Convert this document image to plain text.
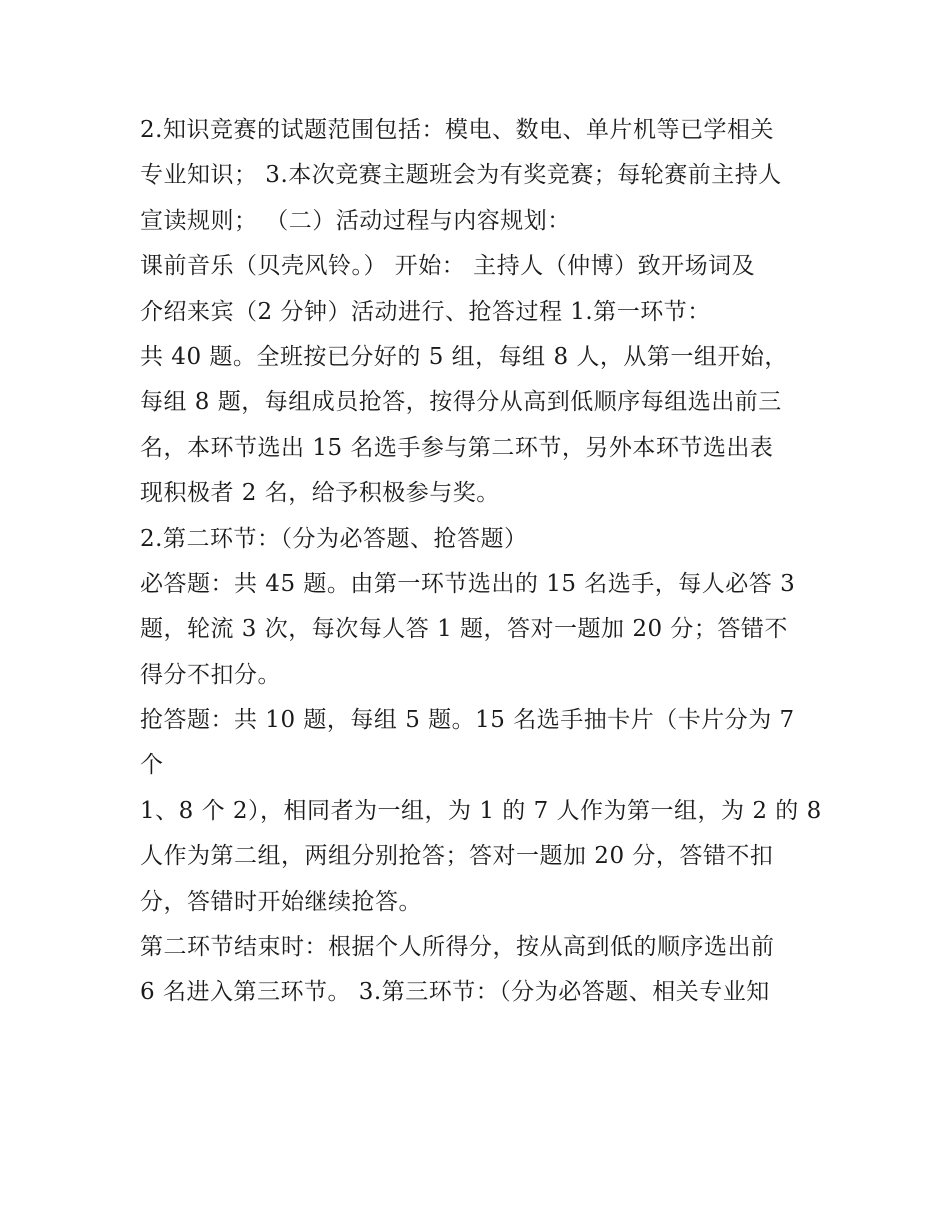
2.知识竞赛的试题范围包括：模电、数电、单片机等已学相关
专业知识； 3.本次竞赛主题班会为有奖竞赛；每轮赛前主持人
宣读规则； （二）活动过程与内容规划：
课前音乐（贝壳风铃。） 开始： 主持人（仲博）致开场词及
介绍来宾（2 分钟）活动进行、抢答过程 1.第一环节：
共 40 题。全班按已分好的 5 组，每组 8 人，从第一组开始，
每组 8 题，每组成员抢答，按得分从高到低顺序每组选出前三
名，本环节选出 15 名选手参与第二环节，另外本环节选出表
现积极者 2 名，给予积极参与奖。
2.第二环节：（分为必答题、抢答题）
必答题：共 45 题。由第一环节选出的 15 名选手，每人必答 3
题，轮流 3 次，每次每人答 1 题，答对一题加 20 分；答错不
得分不扣分。
抢答题：共 10 题，每组 5 题。15 名选手抽卡片（卡片分为 7
个
1、8 个 2），相同者为一组，为 1 的 7 人作为第一组，为 2 的 8
人作为第二组，两组分别抢答；答对一题加 20 分，答错不扣
分，答错时开始继续抢答。
第二环节结束时：根据个人所得分，按从高到低的顺序选出前
6 名进入第三环节。 3.第三环节：（分为必答题、相关专业知
